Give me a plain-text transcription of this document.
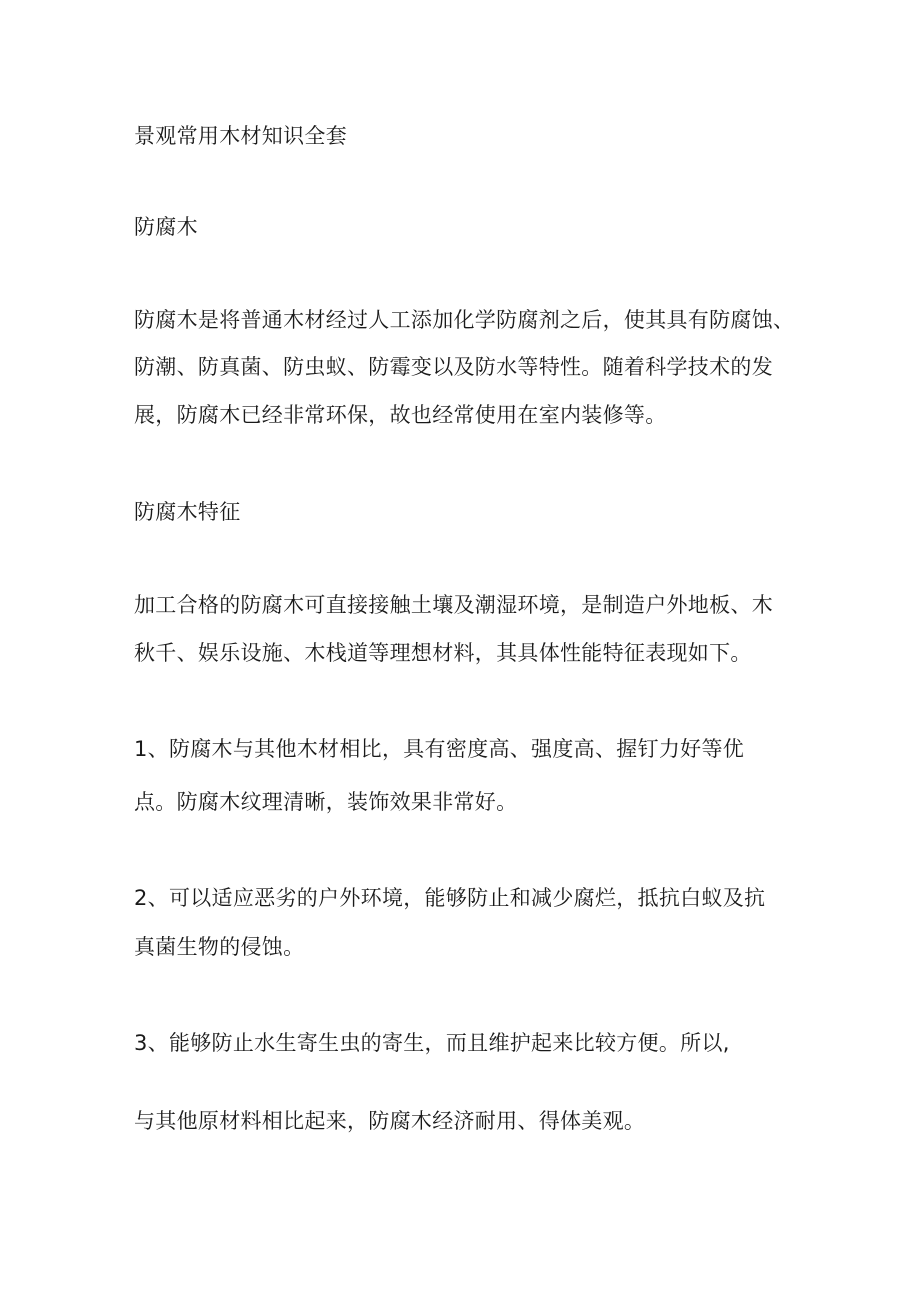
景观常用木材知识全套
防腐木
防腐木是将普通木材经过人工添加化学防腐剂之后，使其具有防腐蚀、
防潮、防真菌、防虫蚁、防霉变以及防水等特性。随着科学技术的发
展，防腐木已经非常环保，故也经常使用在室内装修等。
防腐木特征
加工合格的防腐木可直接接触土壤及潮湿环境，是制造户外地板、木
秋千、娱乐设施、木栈道等理想材料，其具体性能特征表现如下。
1、防腐木与其他木材相比，具有密度高、强度高、握钉力好等优
点。防腐木纹理清晰，装饰效果非常好。
2、可以适应恶劣的户外环境，能够防止和减少腐烂，抵抗白蚁及抗
真菌生物的侵蚀。
3、能够防止水生寄生虫的寄生，而且维护起来比较方便。所以,
与其他原材料相比起来，防腐木经济耐用、得体美观。
